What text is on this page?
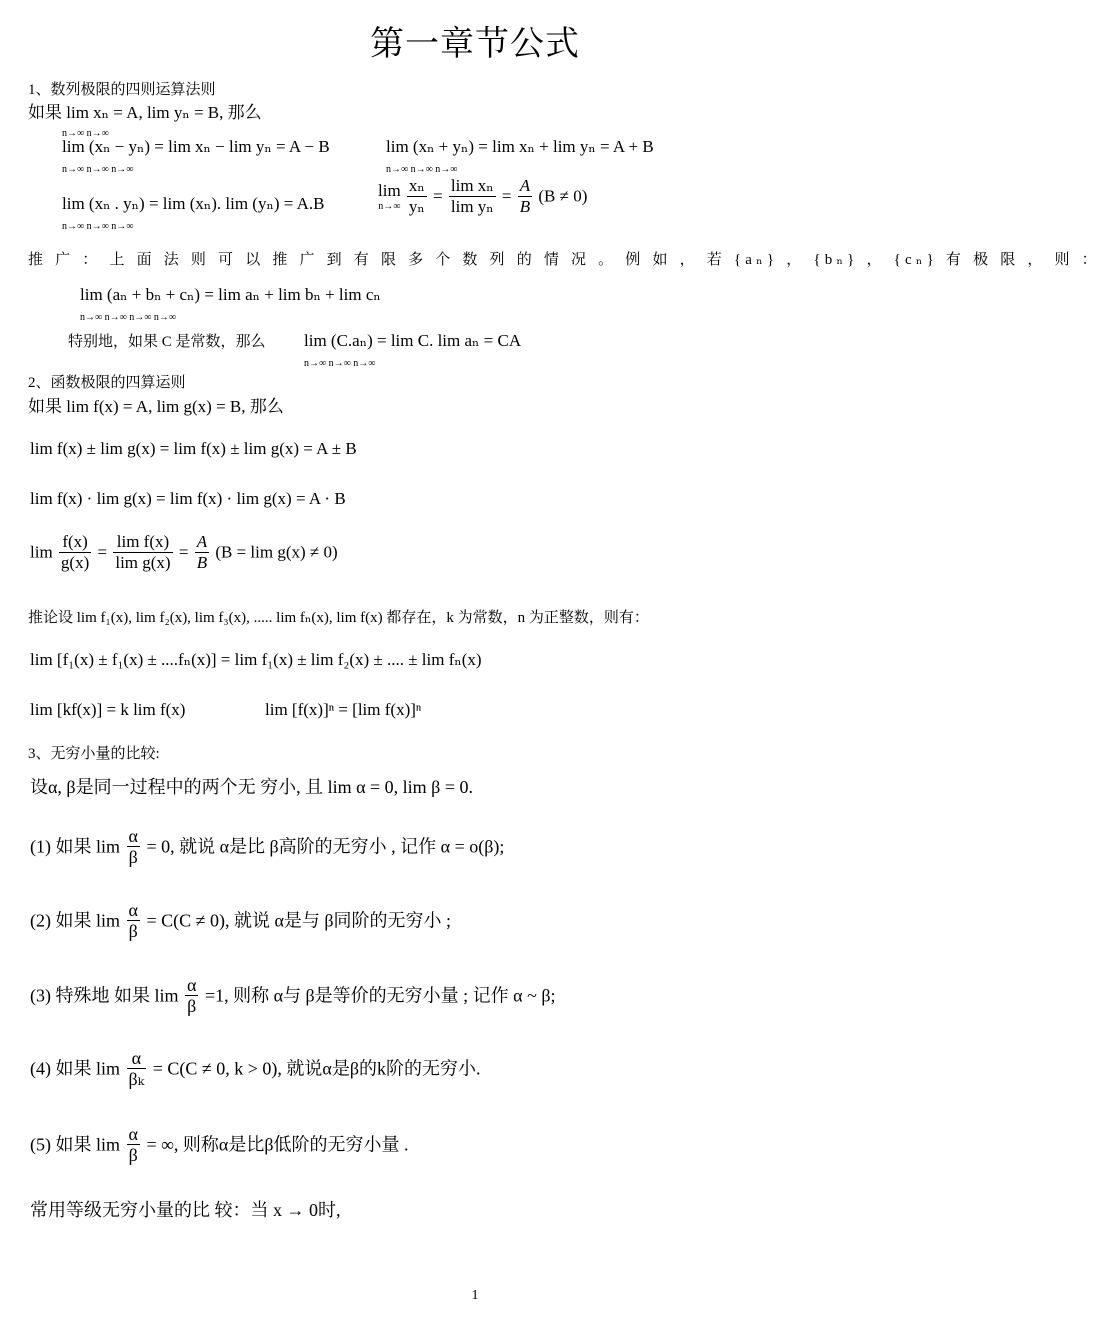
第一章节公式
1、数列极限的四则运算法则
如果 lim xₙ = A, lim yₙ = B, 那么
n→∞ n→∞
lim (xₙ − yₙ) = lim xₙ − lim yₙ = A − B
n→∞ n→∞ n→∞
lim (xₙ + yₙ) = lim xₙ + lim yₙ = A + B
n→∞ n→∞ n→∞
lim (xₙ . yₙ) = lim (xₙ). lim (yₙ) = A.B
n→∞ n→∞ n→∞
lim
n→∞
$\frac{\text{xₙ}}{\text{yₙ}} = \frac{\text{lim xₙ}}{\text{lim yₙ}} = \frac{A}{B} (B \ne 0)$
推 广 ： 上 面 法 则 可 以 推 广 到 有 限 多 个 数 列 的 情 况 。 例 如 ， 若 {aₙ} ， {bₙ} ， {cₙ} 有 极 限 ， 则 ：
lim (aₙ + bₙ + cₙ) = lim aₙ + lim bₙ + lim cₙ
n→∞ n→∞ n→∞ n→∞
特别地，如果 C 是常数，那么 lim (C.aₙ) = lim C. lim aₙ = CA
n→∞ n→∞ n→∞
2、函数极限的四算运则
如果 lim f(x) = A, lim g(x) = B, 那么
lim f(x) ± lim g(x) = lim f(x) ± lim g(x) = A ± B
lim f(x) · lim g(x) = lim f(x) · lim g(x) = A · B
$\lim \frac{f(x)}{g(x)} = \frac{\text{lim f(x)}}{\text{lim g(x)}} = \frac{A}{B} (B = \lim g(x) \ne 0)$
推论设 lim f₁(x), lim f₂(x), lim f₃(x), ..... lim fₙ(x), lim f(x) 都存在，k 为常数，n 为正整数，则有：
lim [f₁(x) ± f₁(x) ± ....fₙ(x)] = lim f₁(x) ± lim f₂(x) ± .... ± lim fₙ(x)
lim [kf(x)] = k lim f(x)	lim [f(x)]ⁿ = [lim f(x)]ⁿ
3、无穷小量的比较:
设α, β是同一过程中的两个无 穷小, 且 lim α = 0, lim β = 0.
(1) 如果 $\lim \frac{\alpha}{\beta} = 0$, 就说 α是比 β高阶的无穷小 , 记作 α = o(β);
(2) 如果 $\lim \frac{\alpha}{\beta} = C(C \ne 0)$, 就说 α是与 β同阶的无穷小 ;
(3) 特殊地 如果 $\lim \frac{\alpha}{\beta} =1$, 则称 α与 β是等价的无穷小量 ; 记作 α ~ β;
(4) 如果 $\lim \frac{\alpha}{\text{βₖ}} = C(C \ne 0$, k > 0), 就说α是β的k阶的无穷小.
(5) 如果 $\lim \frac{\alpha}{\beta}$ = ∞, 则称α是比β低阶的无穷小量 .
常用等级无穷小量的比 较：当 x → 0时,
1
